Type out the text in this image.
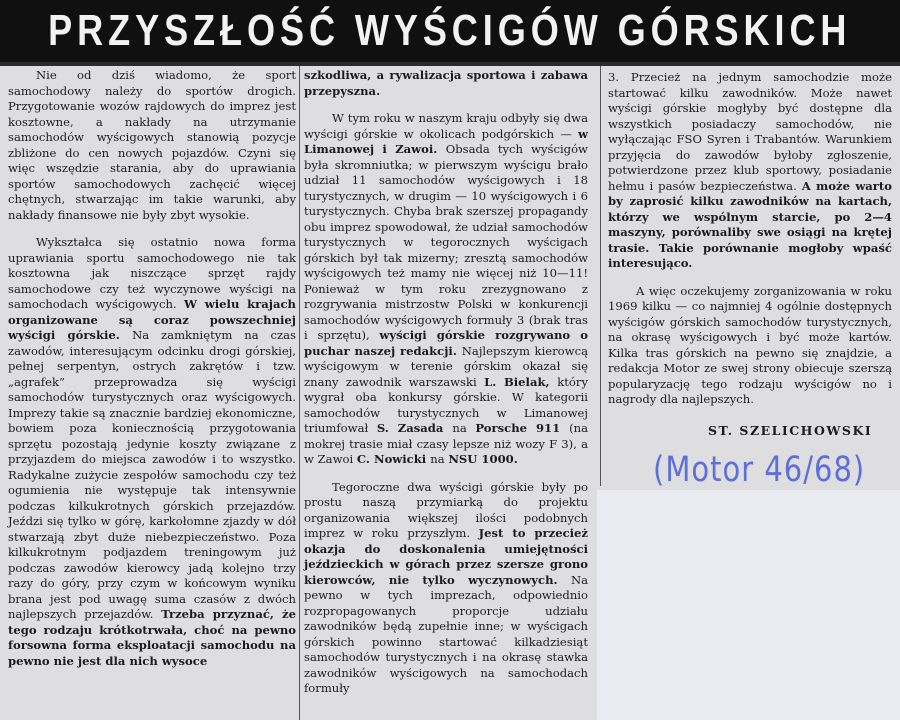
PRZYSZŁOŚĆ WYŚCIGÓW GÓRSKICH

Nie od dziś wiadomo, że sport samochodowy należy do sportów drogich. Przygotowanie wozów rajdowych do imprez jest kosztowne, a nakłady na utrzymanie samochodów wyścigowych stanowią pozycje zbliżone do cen nowych pojazdów. Czyni się więc wszędzie starania, aby do uprawiania sportów samochodowych zachęcić więcej chętnych, stwarzając im takie warunki, aby nakłady finansowe nie były zbyt wysokie.

Wykształca się ostatnio nowa forma uprawiania sportu samochodowego nie tak kosztowna jak niszczące sprzęt rajdy samochodowe czy też wyczynowe wyścigi na samochodach wyścigowych. W wielu krajach organizowane są coraz powszechniej wyścigi górskie. Na zamkniętym na czas zawodów, interesującym odcinku drogi górskiej, pełnej serpentyn, ostrych zakrętów i tzw. „agrafek” przeprowadza się wyścigi samochodów turystycznych oraz wyścigowych. Imprezy takie są znacznie bardziej ekonomiczne, bowiem poza koniecznością przygotowania sprzętu pozostają jedynie koszty związane z przyjazdem do miejsca zawodów i to wszystko. Radykalne zużycie zespołów samochodu czy też ogumienia nie występuje tak intensywnie podczas kilkukrotnych górskich przejazdów. Jeździ się tylko w górę, karkołomne zjazdy w dół stwarzają zbyt duże niebezpieczeństwo. Poza kilkukrotnym podjazdem treningowym już podczas zawodów kierowcy jadą kolejno trzy razy do góry, przy czym w końcowym wyniku brana jest pod uwagę suma czasów z dwóch najlepszych przejazdów. Trzeba przyznać, że tego rodzaju krótkotrwała, choć na pewno forsowna forma eksploatacji samochodu na pewno nie jest dla nich wysoce

szkodliwa, a rywalizacja sportowa i zabawa przepyszna.

W tym roku w naszym kraju odbyły się dwa wyścigi górskie w okolicach podgórskich — w Limanowej i Zawoi. Obsada tych wyścigów była skromniutka; w pierwszym wyścigu brało udział 11 samochodów wyścigowych i 18 turystycznych, w drugim — 10 wyścigowych i 6 turystycznych. Chyba brak szerszej propagandy obu imprez spowodował, że udział samochodów turystycznych w tegorocznych wyścigach górskich był tak mizerny; zresztą samochodów wyścigowych też mamy nie więcej niż 10—11! Ponieważ w tym roku zrezygnowano z rozgrywania mistrzostw Polski w konkurencji samochodów wyścigowych formuły 3 (brak tras i sprzętu), wyścigi górskie rozgrywano o puchar naszej redakcji. Najlepszym kierowcą wyścigowym w terenie górskim okazał się znany zawodnik warszawski L. Bielak, który wygrał oba konkursy górskie. W kategorii samochodów turystycznych w Limanowej triumfował S. Zasada na Porsche 911 (na mokrej trasie miał czasy lepsze niż wozy F 3), a w Zawoi C. Nowicki na NSU 1000.

Tegoroczne dwa wyścigi górskie były po prostu naszą przymiarką do projektu organizowania większej ilości podobnych imprez w roku przyszłym. Jest to przecież okazja do doskonalenia umiejętności jeździeckich w górach przez szersze grono kierowców, nie tylko wyczynowych. Na pewno w tych imprezach, odpowiednio rozpropagowanych proporcje udziału zawodników będą zupełnie inne; w wyścigach górskich powinno startować kilkadziesiąt samochodów turystycznych i na okrasę stawka zawodników wyścigowych na samochodach formuły

3. Przecież na jednym samochodzie może startować kilku zawodników. Może nawet wyścigi górskie mogłyby być dostępne dla wszystkich posiadaczy samochodów, nie wyłączając FSO Syren i Trabantów. Warunkiem przyjęcia do zawodów byłoby zgłoszenie, potwierdzone przez klub sportowy, posiadanie hełmu i pasów bezpieczeństwa. A może warto by zaprosić kilku zawodników na kartach, którzy we wspólnym starcie, po 2—4 maszyny, porównaliby swe osiągi na krętej trasie. Takie porównanie mogłoby wpaść interesująco.

A więc oczekujemy zorganizowania w roku 1969 kilku — co najmniej 4 ogólnie dostępnych wyścigów górskich samochodów turystycznych, na okrasę wyścigowych i być może kartów. Kilka tras górskich na pewno się znajdzie, a redakcja Motor ze swej strony obiecuje szerszą popularyzację tego rodzaju wyścigów no i nagrody dla najlepszych.

ST. SZELICHOWSKI
(Motor 46/68)
